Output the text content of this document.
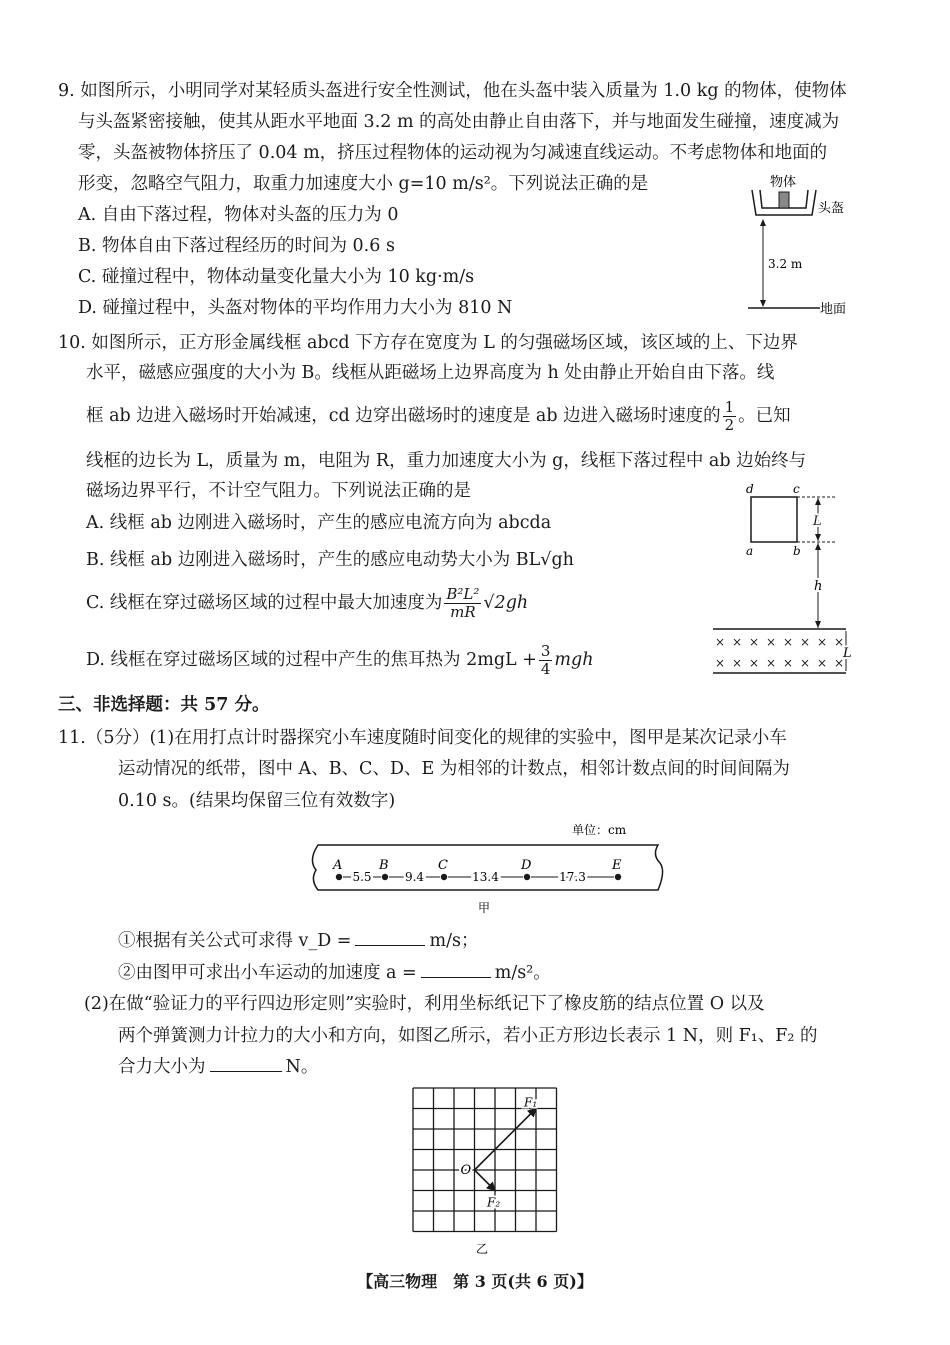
9. 如图所示，小明同学对某轻质头盔进行安全性测试，他在头盔中装入质量为 1.0 kg 的物体，使物体
与头盔紧密接触，使其从距水平地面 3.2 m 的高处由静止自由落下，并与地面发生碰撞，速度减为
零，头盔被物体挤压了 0.04 m，挤压过程物体的运动视为匀减速直线运动。不考虑物体和地面的
形变，忽略空气阻力，取重力加速度大小 g=10 m/s²。下列说法正确的是
A. 自由下落过程，物体对头盔的压力为 0
B. 物体自由下落过程经历的时间为 0.6 s
C. 碰撞过程中，物体动量变化量大小为 10 kg·m/s
D. 碰撞过程中，头盔对物体的平均作用力大小为 810 N
物体
头盔
3.2 m
地面
10. 如图所示，正方形金属线框 abcd 下方存在宽度为 L 的匀强磁场区域，该区域的上、下边界
水平，磁感应强度的大小为 B。线框从距磁场上边界高度为 h 处由静止开始自由下落。线
框 ab 边进入磁场时开始减速，cd 边穿出磁场时的速度是 ab 边进入磁场时速度的 $\frac{1}{2}$ 。已知
线框的边长为 L，质量为 m，电阻为 R，重力加速度大小为 g，线框下落过程中 ab 边始终与
磁场边界平行，不计空气阻力。下列说法正确的是
A. 线框 ab 边刚进入磁场时，产生的感应电流方向为 abcda
B. 线框 ab 边刚进入磁场时，产生的感应电动势大小为 BL√gh
C. 线框在穿过磁场区域的过程中最大加速度为 $\frac{\text{B²L²}}{mR} √2gh$
D. 线框在穿过磁场区域的过程中产生的焦耳热为 $2mgL + \frac{3}{4}$ mgh
d	c
a	b
L
h
× × × × × × × ×
× × × × × × × ×
L
三、非选择题：共 57 分。
11.（5分）(1)在用打点计时器探究小车速度随时间变化的规律的实验中，图甲是某次记录小车
运动情况的纸带，图中 A、B、C、D、E 为相邻的计数点，相邻计数点间的时间间隔为
0.10 s。(结果均保留三位有效数字)
单位：cm
A	B	C	D	E
5.5	9.4	13.4	17.3
甲
①根据有关公式可求得 v_D =	m/s；
②由图甲可求出小车运动的加速度 a =	m/s²。
(2)在做“验证力的平行四边形定则”实验时，利用坐标纸记下了橡皮筋的结点位置 O 以及
两个弹簧测力计拉力的大小和方向，如图乙所示，若小正方形边长表示 1 N，则 F₁、F₂ 的
合力大小为	N。
F₁
F₂
O
乙
【高三物理　第 3 页(共 6 页)】
